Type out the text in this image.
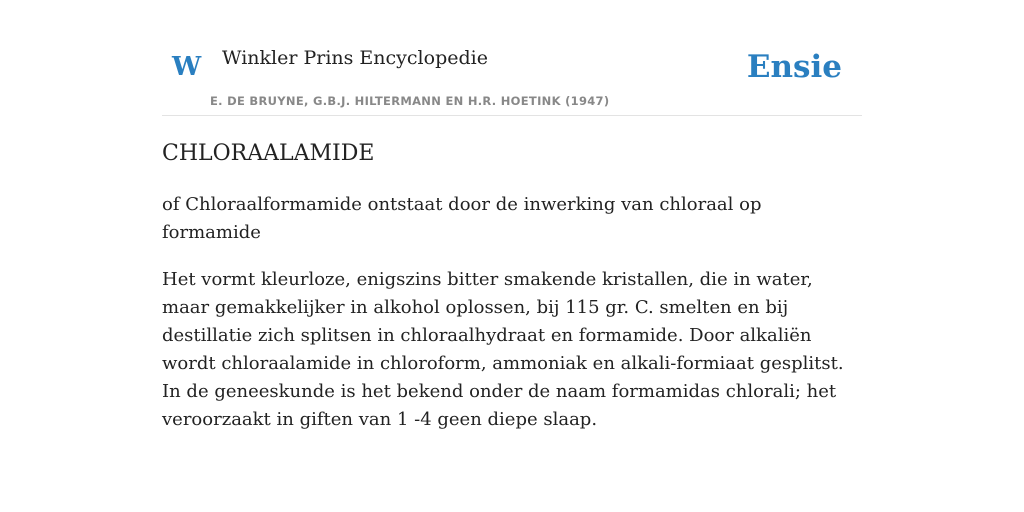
W Winkler Prins Encyclopedie
E. DE BRUYNE, G.B.J. HILTERMANN EN H.R. HOETINK (1947)
Ensie
CHLORAALAMIDE

of Chloraalformamide ontstaat door de inwerking van chloraal op formamide

Het vormt kleurloze, enigszins bitter smakende kristallen, die in water, maar gemakkelijker in alkohol oplossen, bij 115 gr. C. smelten en bij destillatie zich splitsen in chloraalhydraat en formamide. Door alkaliën wordt chloraalamide in chloroform, ammoniak en alkali-formiaat gesplitst. In de geneeskunde is het bekend onder de naam formamidas chlorali; het veroorzaakt in giften van 1 -4 geen diepe slaap.
